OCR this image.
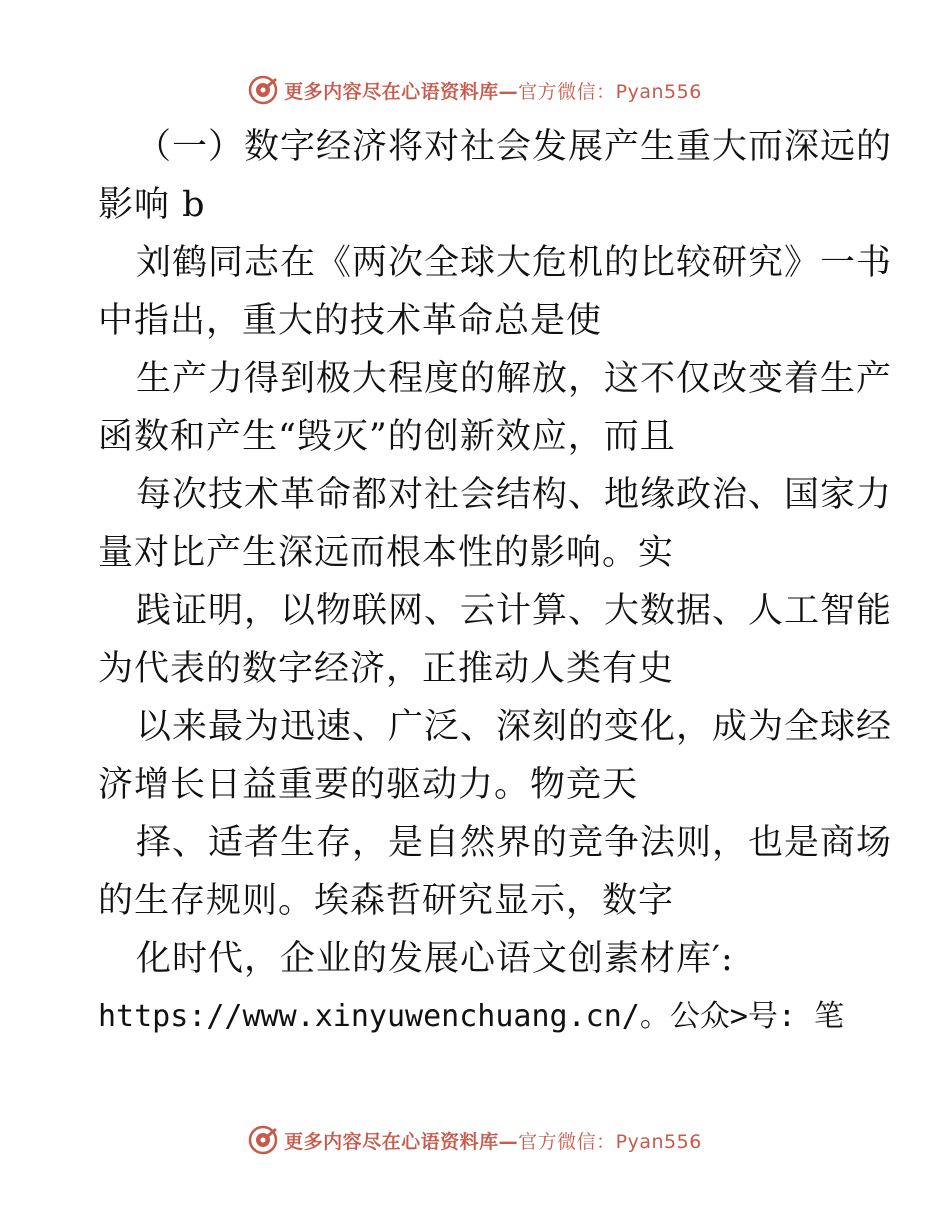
更多内容尽在心语资料库—官方微信：Pyan556
（一）数字经济将对社会发展产生重大而深远的
影响 b
刘鹤同志在《两次全球大危机的比较研究》一书
中指出，重大的技术革命总是使
生产力得到极大程度的解放，这不仅改变着生产
函数和产生“毁灭”的创新效应，而且
每次技术革命都对社会结构、地缘政治、国家力
量对比产生深远而根本性的影响。实
践证明，以物联网、云计算、大数据、人工智能
为代表的数字经济，正推动人类有史
以来最为迅速、广泛、深刻的变化，成为全球经
济增长日益重要的驱动力。物竞天
择、适者生存，是自然界的竞争法则，也是商场
的生存规则。埃森哲研究显示，数字
化时代，企业的发展心语文创素材库′:
https://www.xinyuwenchuang.cn/。公众>号: 笔
更多内容尽在心语资料库—官方微信：Pyan556
